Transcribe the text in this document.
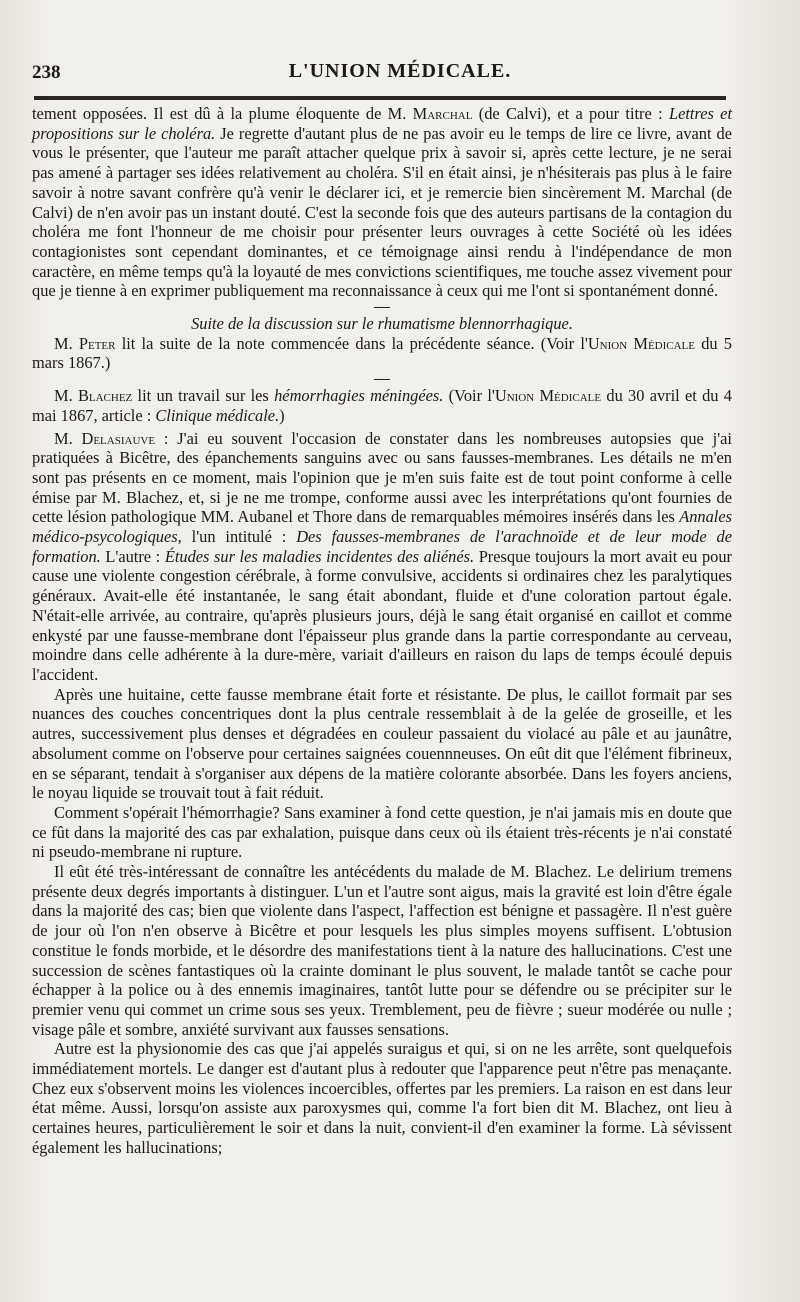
238	L'UNION MÉDICALE.

tement opposées. Il est dû à la plume éloquente de M. Marchal (de Calvi), et a pour titre : Lettres et propositions sur le choléra. Je regrette d'autant plus de ne pas avoir eu le temps de lire ce livre, avant de vous le présenter, que l'auteur me paraît attacher quelque prix à savoir si, après cette lecture, je ne serai pas amené à partager ses idées relativement au choléra. S'il en était ainsi, je n'hésiterais pas plus à le faire savoir à notre savant confrère qu'à venir le déclarer ici, et je remercie bien sincèrement M. Marchal (de Calvi) de n'en avoir pas un instant douté. C'est la seconde fois que des auteurs partisans de la contagion du choléra me font l'honneur de me choisir pour présenter leurs ouvrages à cette Société où les idées contagionistes sont cependant dominantes, et ce témoignage ainsi rendu à l'indépendance de mon caractère, en même temps qu'à la loyauté de mes convictions scientifiques, me touche assez vivement pour que je tienne à en exprimer publiquement ma reconnaissance à ceux qui me l'ont si spontanément donné.

Suite de la discussion sur le rhumatisme blennorrhagique.

M. Peter lit la suite de la note commencée dans la précédente séance. (Voir l'Union Médicale du 5 mars 1867.)

M. Blachez lit un travail sur les hémorrhagies méningées. (Voir l'Union Médicale du 30 avril et du 4 mai 1867, article : Clinique médicale.)

M. Delasiauve : J'ai eu souvent l'occasion de constater dans les nombreuses autopsies que j'ai pratiquées à Bicêtre, des épanchements sanguins avec ou sans fausses-membranes. Les détails ne m'en sont pas présents en ce moment, mais l'opinion que je m'en suis faite est de tout point conforme à celle émise par M. Blachez, et, si je ne me trompe, conforme aussi avec les interprétations qu'ont fournies de cette lésion pathologique MM. Aubanel et Thore dans de remarquables mémoires insérés dans les Annales médico-psycologiques, l'un intitulé : Des fausses-membranes de l'arachnoïde et de leur mode de formation. L'autre : Études sur les maladies incidentes des aliénés. Presque toujours la mort avait eu pour cause une violente congestion cérébrale, à forme convulsive, accidents si ordinaires chez les paralytiques généraux. Avait-elle été instantanée, le sang était abondant, fluide et d'une coloration partout égale. N'était-elle arrivée, au contraire, qu'après plusieurs jours, déjà le sang était organisé en caillot et comme enkysté par une fausse-membrane dont l'épaisseur plus grande dans la partie correspondante au cerveau, moindre dans celle adhérente à la dure-mère, variait d'ailleurs en raison du laps de temps écoulé depuis l'accident.

Après une huitaine, cette fausse membrane était forte et résistante. De plus, le caillot formait par ses nuances des couches concentriques dont la plus centrale ressemblait à de la gelée de groseille, et les autres, successivement plus denses et dégradées en couleur passaient du violacé au pâle et au jaunâtre, absolument comme on l'observe pour certaines saignées couennneuses. On eût dit que l'élément fibrineux, en se séparant, tendait à s'organiser aux dépens de la matière colorante absorbée. Dans les foyers anciens, le noyau liquide se trouvait tout à fait réduit.

Comment s'opérait l'hémorrhagie? Sans examiner à fond cette question, je n'ai jamais mis en doute que ce fût dans la majorité des cas par exhalation, puisque dans ceux où ils étaient très-récents je n'ai constaté ni pseudo-membrane ni rupture.

Il eût été très-intéressant de connaître les antécédents du malade de M. Blachez. Le delirium tremens présente deux degrés importants à distinguer. L'un et l'autre sont aigus, mais la gravité est loin d'être égale dans la majorité des cas; bien que violente dans l'aspect, l'affection est bénigne et passagère. Il n'est guère de jour où l'on n'en observe à Bicêtre et pour lesquels les plus simples moyens suffisent. L'obtusion constitue le fonds morbide, et le désordre des manifestations tient à la nature des hallucinations. C'est une succession de scènes fantastiques où la crainte dominant le plus souvent, le malade tantôt se cache pour échapper à la police ou à des ennemis imaginaires, tantôt lutte pour se défendre ou se précipiter sur le premier venu qui commet un crime sous ses yeux. Tremblement, peu de fièvre ; sueur modérée ou nulle ; visage pâle et sombre, anxiété survivant aux fausses sensations.

Autre est la physionomie des cas que j'ai appelés suraigus et qui, si on ne les arrête, sont quelquefois immédiatement mortels. Le danger est d'autant plus à redouter que l'apparence peut n'être pas menaçante. Chez eux s'observent moins les violences incoercibles, offertes par les premiers. La raison en est dans leur état même. Aussi, lorsqu'on assiste aux paroxysmes qui, comme l'a fort bien dit M. Blachez, ont lieu à certaines heures, particulièrement le soir et dans la nuit, convient-il d'en examiner la forme. Là sévissent également les hallucinations;
